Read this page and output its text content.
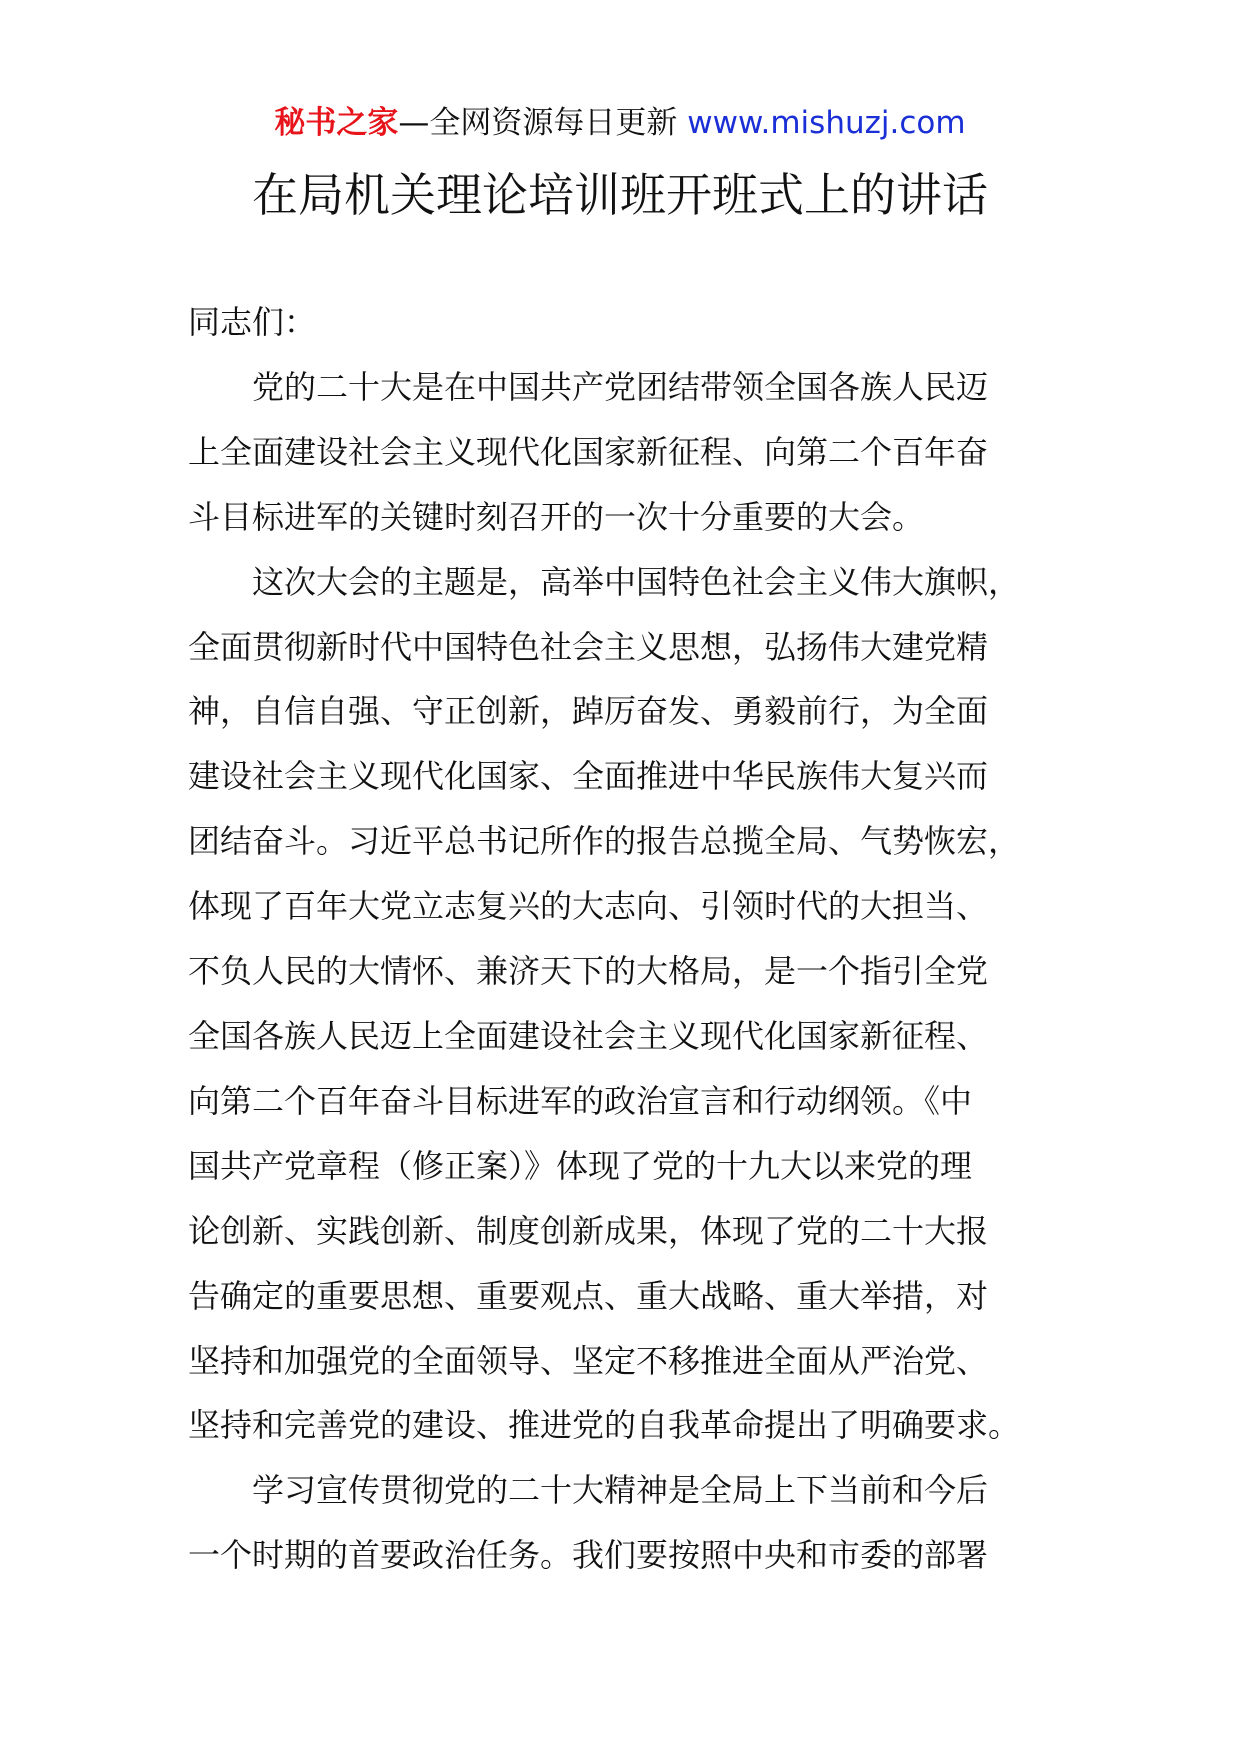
秘书之家—全网资源每日更新 www.mishuzj.com
在局机关理论培训班开班式上的讲话

同志们：

党的二十大是在中国共产党团结带领全国各族人民迈
上全面建设社会主义现代化国家新征程、向第二个百年奋
斗目标进军的关键时刻召开的一次十分重要的大会。

这次大会的主题是，高举中国特色社会主义伟大旗帜，
全面贯彻新时代中国特色社会主义思想，弘扬伟大建党精
神，自信自强、守正创新，踔厉奋发、勇毅前行，为全面
建设社会主义现代化国家、全面推进中华民族伟大复兴而
团结奋斗。习近平总书记所作的报告总揽全局、气势恢宏，
体现了百年大党立志复兴的大志向、引领时代的大担当、
不负人民的大情怀、兼济天下的大格局，是一个指引全党
全国各族人民迈上全面建设社会主义现代化国家新征程、
向第二个百年奋斗目标进军的政治宣言和行动纲领。《中
国共产党章程（修正案）》体现了党的十九大以来党的理
论创新、实践创新、制度创新成果，体现了党的二十大报
告确定的重要思想、重要观点、重大战略、重大举措，对
坚持和加强党的全面领导、坚定不移推进全面从严治党、
坚持和完善党的建设、推进党的自我革命提出了明确要求。

学习宣传贯彻党的二十大精神是全局上下当前和今后
一个时期的首要政治任务。我们要按照中央和市委的部署
